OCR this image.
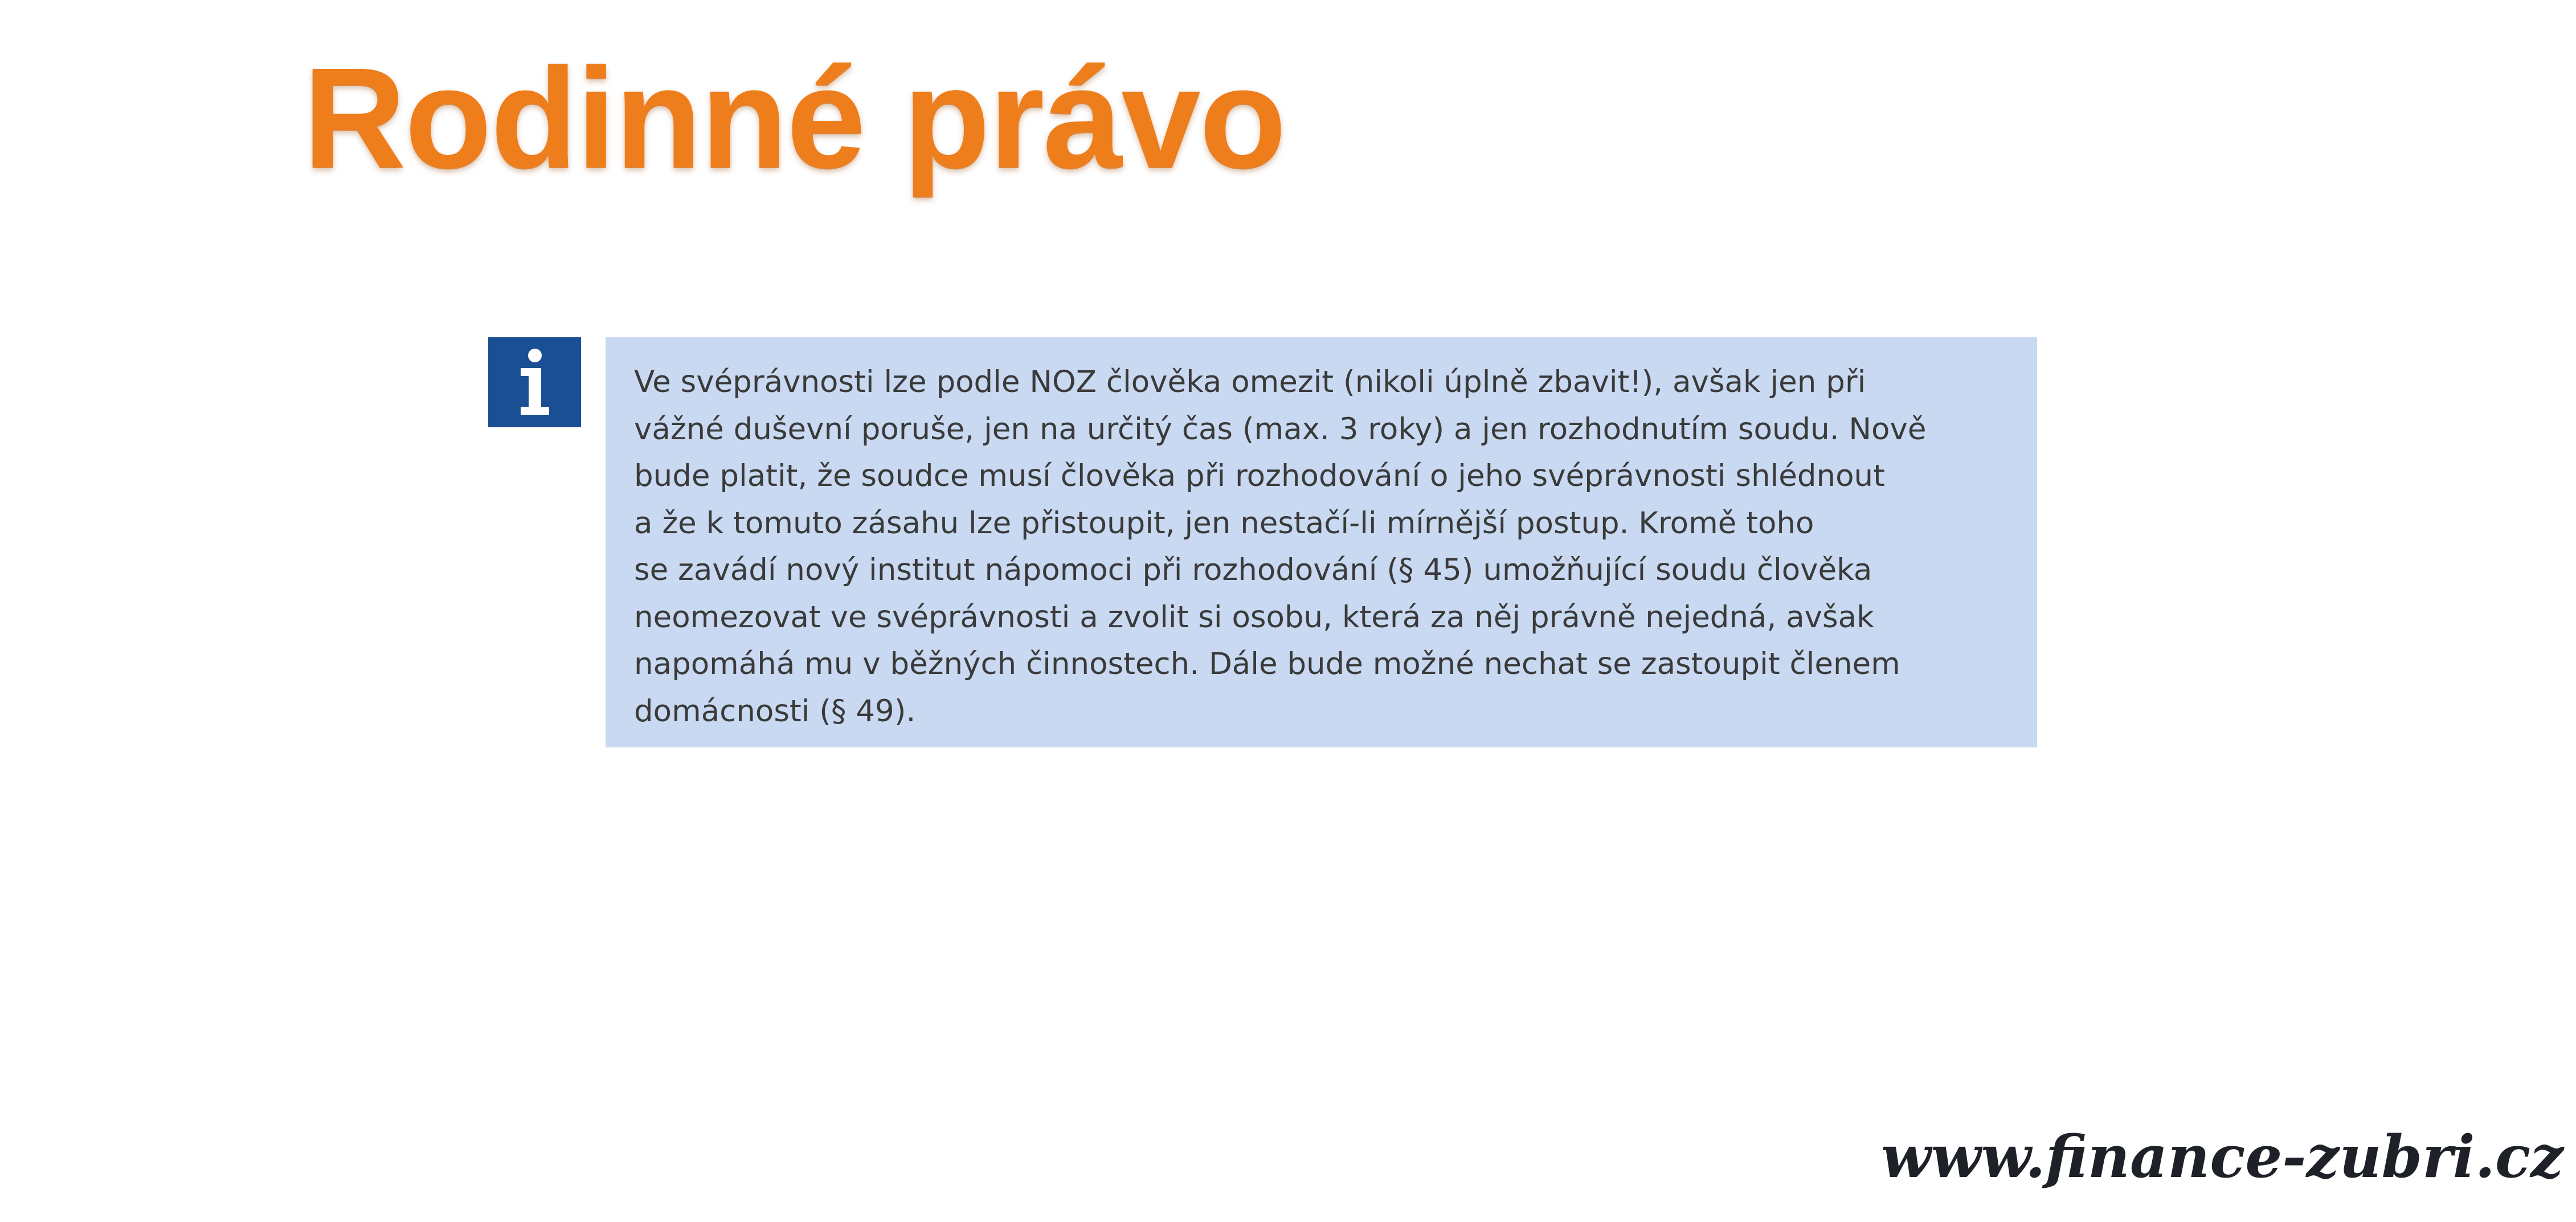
Rodinné právo
Ve svéprávnosti lze podle NOZ člověka omezit (nikoli úplně zbavit!), avšak jen při
vážné duševní poruše, jen na určitý čas (max. 3 roky) a jen rozhodnutím soudu. Nově
bude platit, že soudce musí člověka při rozhodování o jeho svéprávnosti shlédnout
a že k tomuto zásahu lze přistoupit, jen nestačí-li mírnější postup. Kromě toho
se zavádí nový institut nápomoci při rozhodování (§ 45) umožňující soudu člověka
neomezovat ve svéprávnosti a zvolit si osobu, která za něj právně nejedná, avšak
napomáhá mu v běžných činnostech. Dále bude možné nechat se zastoupit členem
domácnosti (§ 49).
www.finance-zubri.cz
